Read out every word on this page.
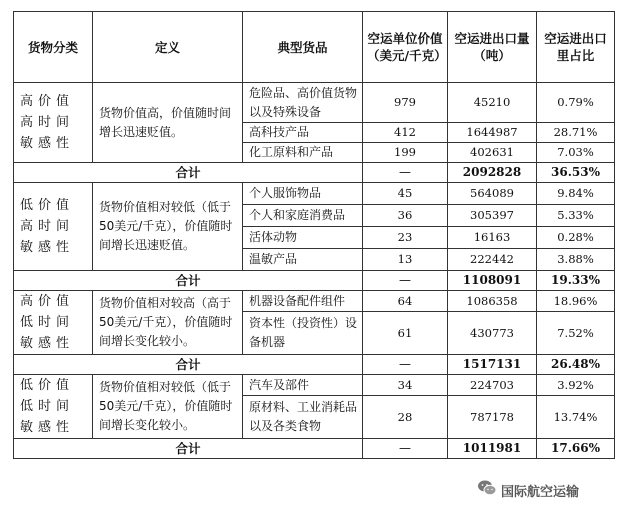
货物分类	定义	典型货品	空运单位价值（美元/千克）	空运进出口量（吨）	空运进出口里占比
高价值高时间敏感性	货物价值高，价值随时间增长迅速贬值。	危险品、高价值货物以及特殊设备	979	45210	0.79%
		高科技产品	412	1644987	28.71%
		化工原料和产品	199	402631	7.03%
合计			—	2092828	36.53%
低价值高时间敏感性	货物价值相对较低（低于50美元/千克），价值随时间增长迅速贬值。	个人服饰物品	45	564089	9.84%
		个人和家庭消费品	36	305397	5.33%
		活体动物	23	16163	0.28%
		温敏产品	13	222442	3.88%
合计			—	1108091	19.33%
高价值低时间敏感性	货物价值相对较高（高于50美元/千克），价值随时间增长变化较小。	机器设备配件组件	64	1086358	18.96%
		资本性（投资性）设备机器	61	430773	7.52%
合计			—	1517131	26.48%
低价值低时间敏感性	货物价值相对较低（低于50美元/千克），价值随时间增长变化较小。	汽车及部件	34	224703	3.92%
		原材料、工业消耗品以及各类食物	28	787178	13.74%
合计			—	1011981	17.66%
国际航空运输
